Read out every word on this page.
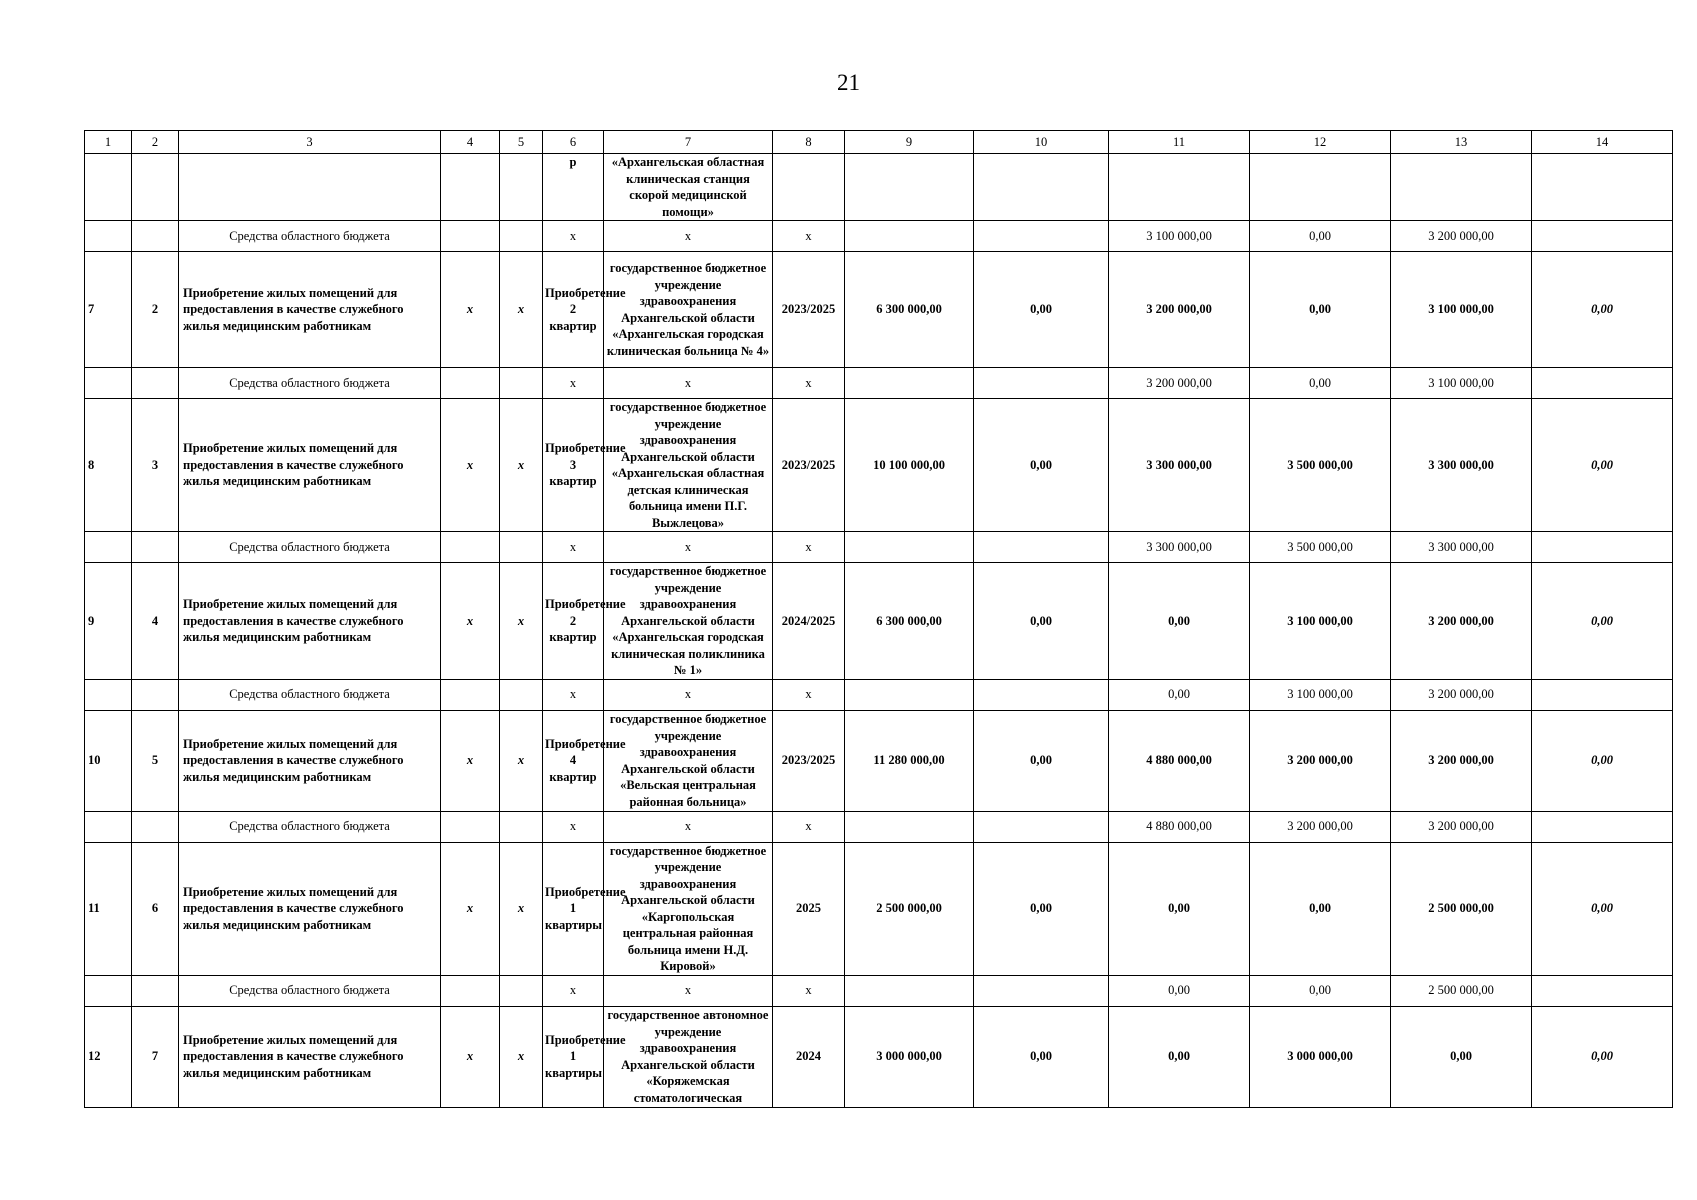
21
1	2	3	4	5	6	7	8	9	10	11	12	13	14
					р	«Архангельская областная клиническая станция скорой медицинской помощи»							
		Средства областного бюджета			х	х	х			3 100 000,00	0,00	3 200 000,00	
7	2	Приобретение жилых помещений для предоставления в качестве служебного жилья медицинским работникам	х	х	Приобретение 2 квартир	государственное бюджетное учреждение здравоохранения Архангельской области «Архангельская городская клиническая больница № 4»	2023/2025	6 300 000,00	0,00	3 200 000,00	0,00	3 100 000,00	0,00
		Средства областного бюджета			х	х	х			3 200 000,00	0,00	3 100 000,00	
8	3	Приобретение жилых помещений для предоставления в качестве служебного жилья медицинским работникам	х	х	Приобретение 3 квартир	государственное бюджетное учреждение здравоохранения Архангельской области «Архангельская областная детская клиническая больница имени П.Г. Выжлецова»	2023/2025	10 100 000,00	0,00	3 300 000,00	3 500 000,00	3 300 000,00	0,00
		Средства областного бюджета			х	х	х			3 300 000,00	3 500 000,00	3 300 000,00	
9	4	Приобретение жилых помещений для предоставления в качестве служебного жилья медицинским работникам	х	х	Приобретение 2 квартир	государственное бюджетное учреждение здравоохранения Архангельской области «Архангельская городская клиническая поликлиника № 1»	2024/2025	6 300 000,00	0,00	0,00	3 100 000,00	3 200 000,00	0,00
		Средства областного бюджета			х	х	х			0,00	3 100 000,00	3 200 000,00	
10	5	Приобретение жилых помещений для предоставления в качестве служебного жилья медицинским работникам	х	х	Приобретение 4 квартир	государственное бюджетное учреждение здравоохранения Архангельской области «Вельская центральная районная больница»	2023/2025	11 280 000,00	0,00	4 880 000,00	3 200 000,00	3 200 000,00	0,00
		Средства областного бюджета			х	х	х			4 880 000,00	3 200 000,00	3 200 000,00	
11	6	Приобретение жилых помещений для предоставления в качестве служебного жилья медицинским работникам	х	х	Приобретение 1 квартиры	государственное бюджетное учреждение здравоохранения Архангельской области «Каргопольская центральная районная больница имени Н.Д. Кировой»	2025	2 500 000,00	0,00	0,00	0,00	2 500 000,00	0,00
		Средства областного бюджета			х	х	х			0,00	0,00	2 500 000,00	
12	7	Приобретение жилых помещений для предоставления в качестве служебного жилья медицинским работникам	х	х	Приобретение 1 квартиры	государственное автономное учреждение здравоохранения Архангельской области «Коряжемская стоматологическая	2024	3 000 000,00	0,00	0,00	3 000 000,00	0,00	0,00
